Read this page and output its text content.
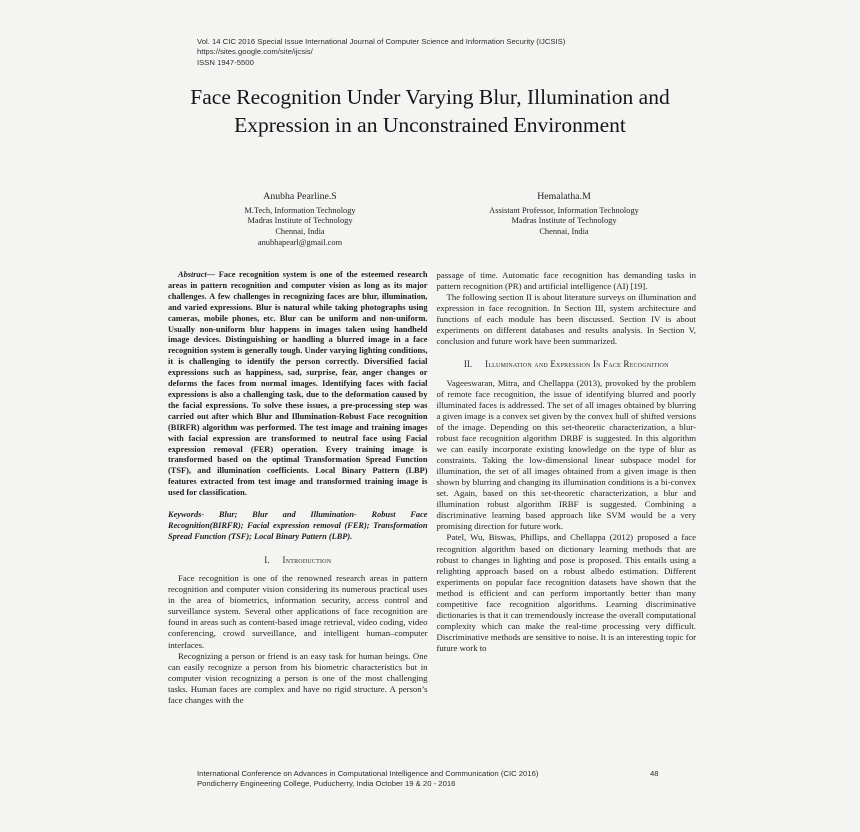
Vol. 14 CIC 2016 Special Issue International Journal of Computer Science and Information Security (IJCSIS)
https://sites.google.com/site/ijcsis/
ISSN 1947-5500
Face Recognition Under Varying Blur, Illumination and Expression in an Unconstrained Environment
Anubha Pearline.S
M.Tech, Information Technology
Madras Institute of Technology
Chennai, India
anubhapearl@gmail.com
Hemalatha.M
Assistant Professor, Information Technology
Madras Institute of Technology
Chennai, India

Abstract— Face recognition system is one of the esteemed research areas in pattern recognition and computer vision as long as its major challenges. A few challenges in recognizing faces are blur, illumination, and varied expressions. Blur is natural while taking photographs using cameras, mobile phones, etc. Blur can be uniform and non-uniform. Usually non-uniform blur happens in images taken using handheld image devices. Distinguishing or handling a blurred image in a face recognition system is generally tough. Under varying lighting conditions, it is challenging to identify the person correctly. Diversified facial expressions such as happiness, sad, surprise, fear, anger changes or deforms the faces from normal images. Identifying faces with facial expressions is also a challenging task, due to the deformation caused by the facial expressions. To solve these issues, a pre-processing step was carried out after which Blur and Illumination-Robust Face recognition (BIRFR) algorithm was performed. The test image and training images with facial expression are transformed to neutral face using Facial expression removal (FER) operation. Every training image is transformed based on the optimal Transformation Spread Function (TSF), and illumination coefficients. Local Binary Pattern (LBP) features extracted from test image and transformed training image is used for classification.

Keywords- Blur; Blur and Illumination- Robust Face Recognition(BIRFR); Facial expression removal (FER); Transformation Spread Function (TSF); Local Binary Pattern (LBP).

I. Introduction

Face recognition is one of the renowned research areas in pattern recognition and computer vision considering its numerous practical uses in the area of biometrics, information security, access control and surveillance system. Several other applications of face recognition are found in areas such as content-based image retrieval, video coding, video conferencing, crowd surveillance, and intelligent human–computer interfaces.

Recognizing a person or friend is an easy task for human beings. One can easily recognize a person from his biometric characteristics but in computer vision recognizing a person is one of the most challenging tasks. Human faces are complex and have no rigid structure. A person’s face changes with the

passage of time. Automatic face recognition has demanding tasks in pattern recognition (PR) and artificial intelligence (AI) [19].

The following section II is about literature surveys on illumination and expression in face recognition. In Section III, system architecture and functions of each module has been discussed. Section IV is about experiments on different databases and results analysis. In Section V, conclusion and future work have been summarized.

II. Illumination and Expression In Face Recognition

Vageeswaran, Mitra, and Chellappa (2013), provoked by the problem of remote face recognition, the issue of identifying blurred and poorly illuminated faces is addressed. The set of all images obtained by blurring a given image is a convex set given by the convex hull of shifted versions of the image. Depending on this set-theoretic characterization, a blur-robust face recognition algorithm DRBF is suggested. In this algorithm we can easily incorporate existing knowledge on the type of blur as constraints. Taking the low-dimensional linear subspace model for illumination, the set of all images obtained from a given image is then shown by blurring and changing its illumination conditions is a bi-convex set. Again, based on this set-theoretic characterization, a blur and illumination robust algorithm IRBF is suggested. Combining a discriminative learning based approach like SVM would be a very promising direction for future work.

Patel, Wu, Biswas, Phillips, and Chellappa (2012) proposed a face recognition algorithm based on dictionary learning methods that are robust to changes in lighting and pose is proposed. This entails using a relighting approach based on a robust albedo estimation. Different experiments on popular face recognition datasets have shown that the method is efficient and can perform importantly better than many competitive face recognition algorithms. Learning discriminative dictionaries is that it can tremendously increase the overall computational complexity which can make the real-time processing very difficult. Discriminative methods are sensitive to noise. It is an interesting topic for future work to

International Conference on Advances in Computational Intelligence and Communication (CIC 2016)
Pondicherry Engineering College, Puducherry, India October 19 & 20 - 2016
48
